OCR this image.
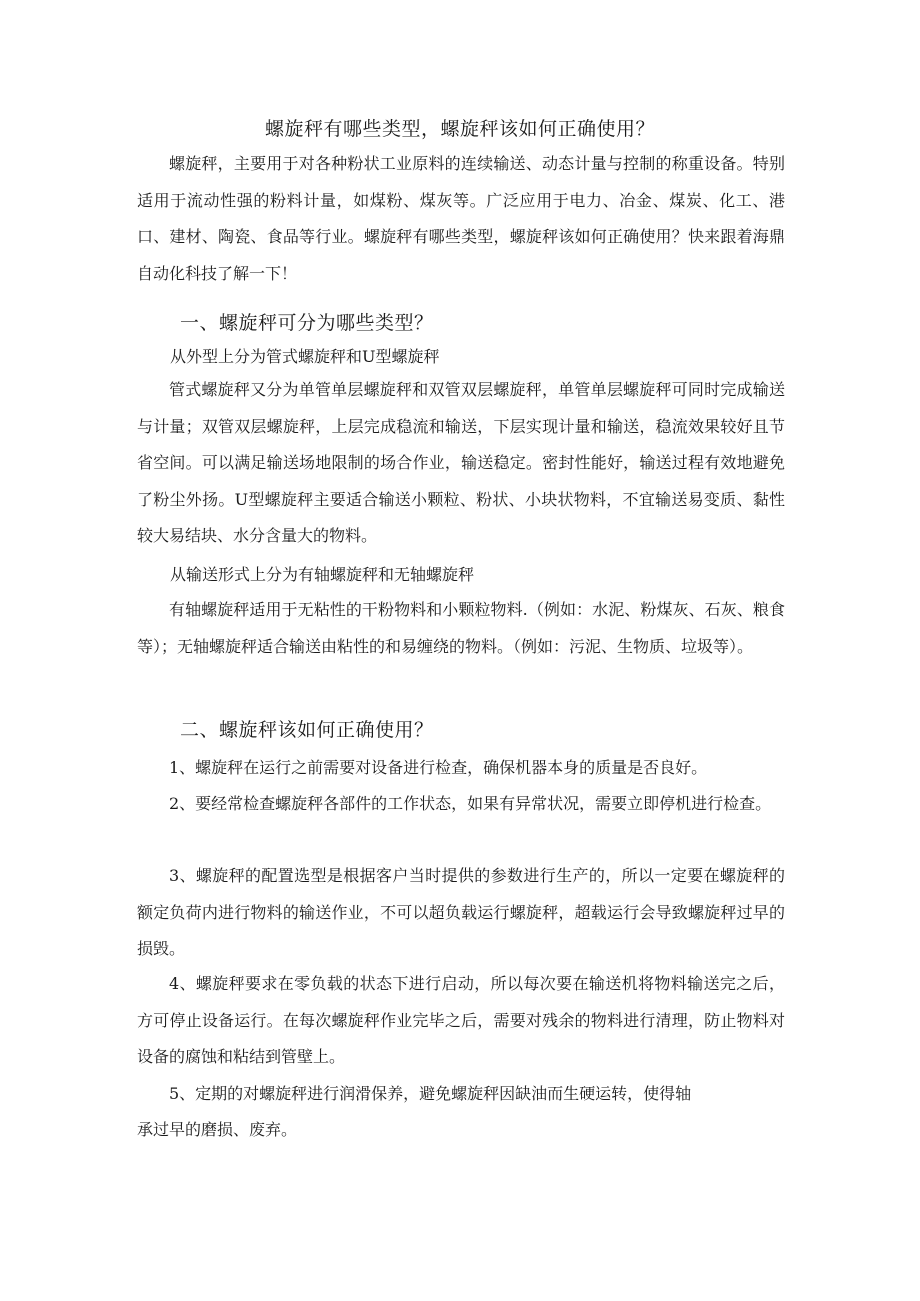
螺旋秤有哪些类型，螺旋秤该如何正确使用？

螺旋秤，主要用于对各种粉状工业原料的连续输送、动态计量与控制的称重设备。特别适用于流动性强的粉料计量，如煤粉、煤灰等。广泛应用于电力、冶金、煤炭、化工、港口、建材、陶瓷、食品等行业。螺旋秤有哪些类型，螺旋秤该如何正确使用？快来跟着海鼎自动化科技了解一下！

一、螺旋秤可分为哪些类型？
从外型上分为管式螺旋秤和U型螺旋秤

管式螺旋秤又分为单管单层螺旋秤和双管双层螺旋秤，单管单层螺旋秤可同时完成输送与计量；双管双层螺旋秤，上层完成稳流和输送，下层实现计量和输送，稳流效果较好且节省空间。可以满足输送场地限制的场合作业，输送稳定。密封性能好，输送过程有效地避免了粉尘外扬。U型螺旋秤主要适合输送小颗粒、粉状、小块状物料，不宜输送易变质、黏性较大易结块、水分含量大的物料。

从输送形式上分为有轴螺旋秤和无轴螺旋秤

有轴螺旋秤适用于无粘性的干粉物料和小颗粒物料.（例如：水泥、粉煤灰、石灰、粮食等）；无轴螺旋秤适合输送由粘性的和易缠绕的物料。（例如：污泥、生物质、垃圾等）。

二、螺旋秤该如何正确使用？

1、螺旋秤在运行之前需要对设备进行检查，确保机器本身的质量是否良好。

2、要经常检查螺旋秤各部件的工作状态，如果有异常状况，需要立即停机进行检查。

3、螺旋秤的配置选型是根据客户当时提供的参数进行生产的，所以一定要在螺旋秤的额定负荷内进行物料的输送作业，不可以超负载运行螺旋秤，超载运行会导致螺旋秤过早的损毁。

4、螺旋秤要求在零负载的状态下进行启动，所以每次要在输送机将物料输送完之后，方可停止设备运行。在每次螺旋秤作业完毕之后，需要对残余的物料进行清理，防止物料对设备的腐蚀和粘结到管壁上。

5、定期的对螺旋秤进行润滑保养，避免螺旋秤因缺油而生硬运转，使得轴

承过早的磨损、废弃。
